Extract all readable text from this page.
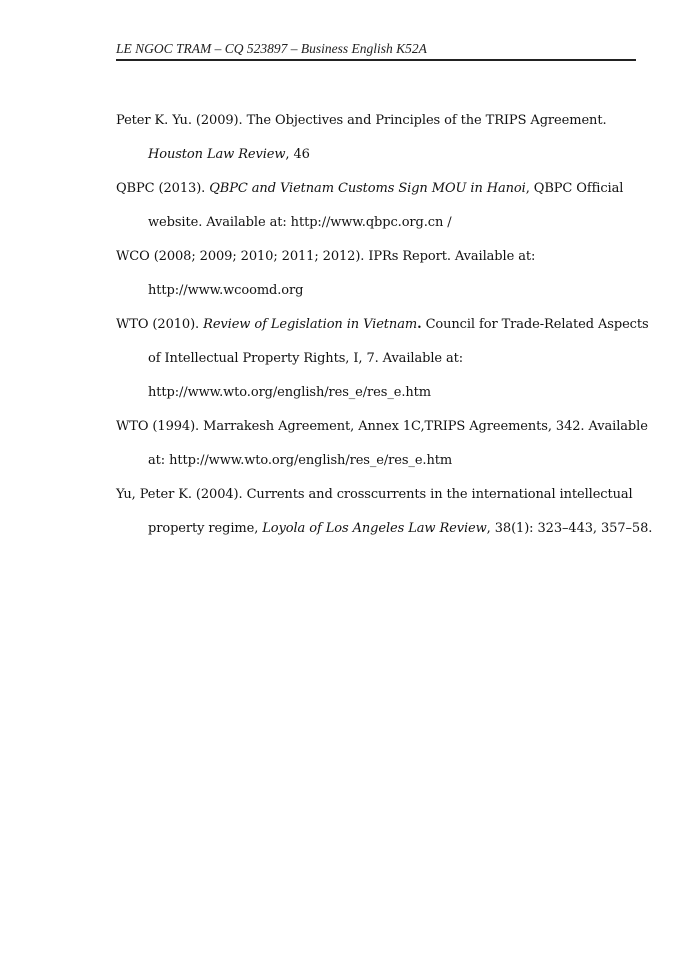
LE NGOC TRAM – CQ 523897 – Business English K52A
Peter K. Yu. (2009). The Objectives and Principles of the TRIPS Agreement.
Houston Law Review, 46
QBPC (2013). QBPC and Vietnam Customs Sign MOU in Hanoi, QBPC Official
website. Available at: http://www.qbpc.org.cn /
WCO (2008; 2009; 2010; 2011; 2012). IPRs Report. Available at:
http://www.wcoomd.org
WTO (2010). Review of Legislation in Vietnam. Council for Trade-Related Aspects
of Intellectual Property Rights, I, 7. Available at:
http://www.wto.org/english/res_e/res_e.htm
WTO (1994). Marrakesh Agreement, Annex 1C,TRIPS Agreements, 342. Available
at: http://www.wto.org/english/res_e/res_e.htm
Yu, Peter K. (2004). Currents and crosscurrents in the international intellectual
property regime, Loyola of Los Angeles Law Review, 38(1): 323–443, 357–58.
